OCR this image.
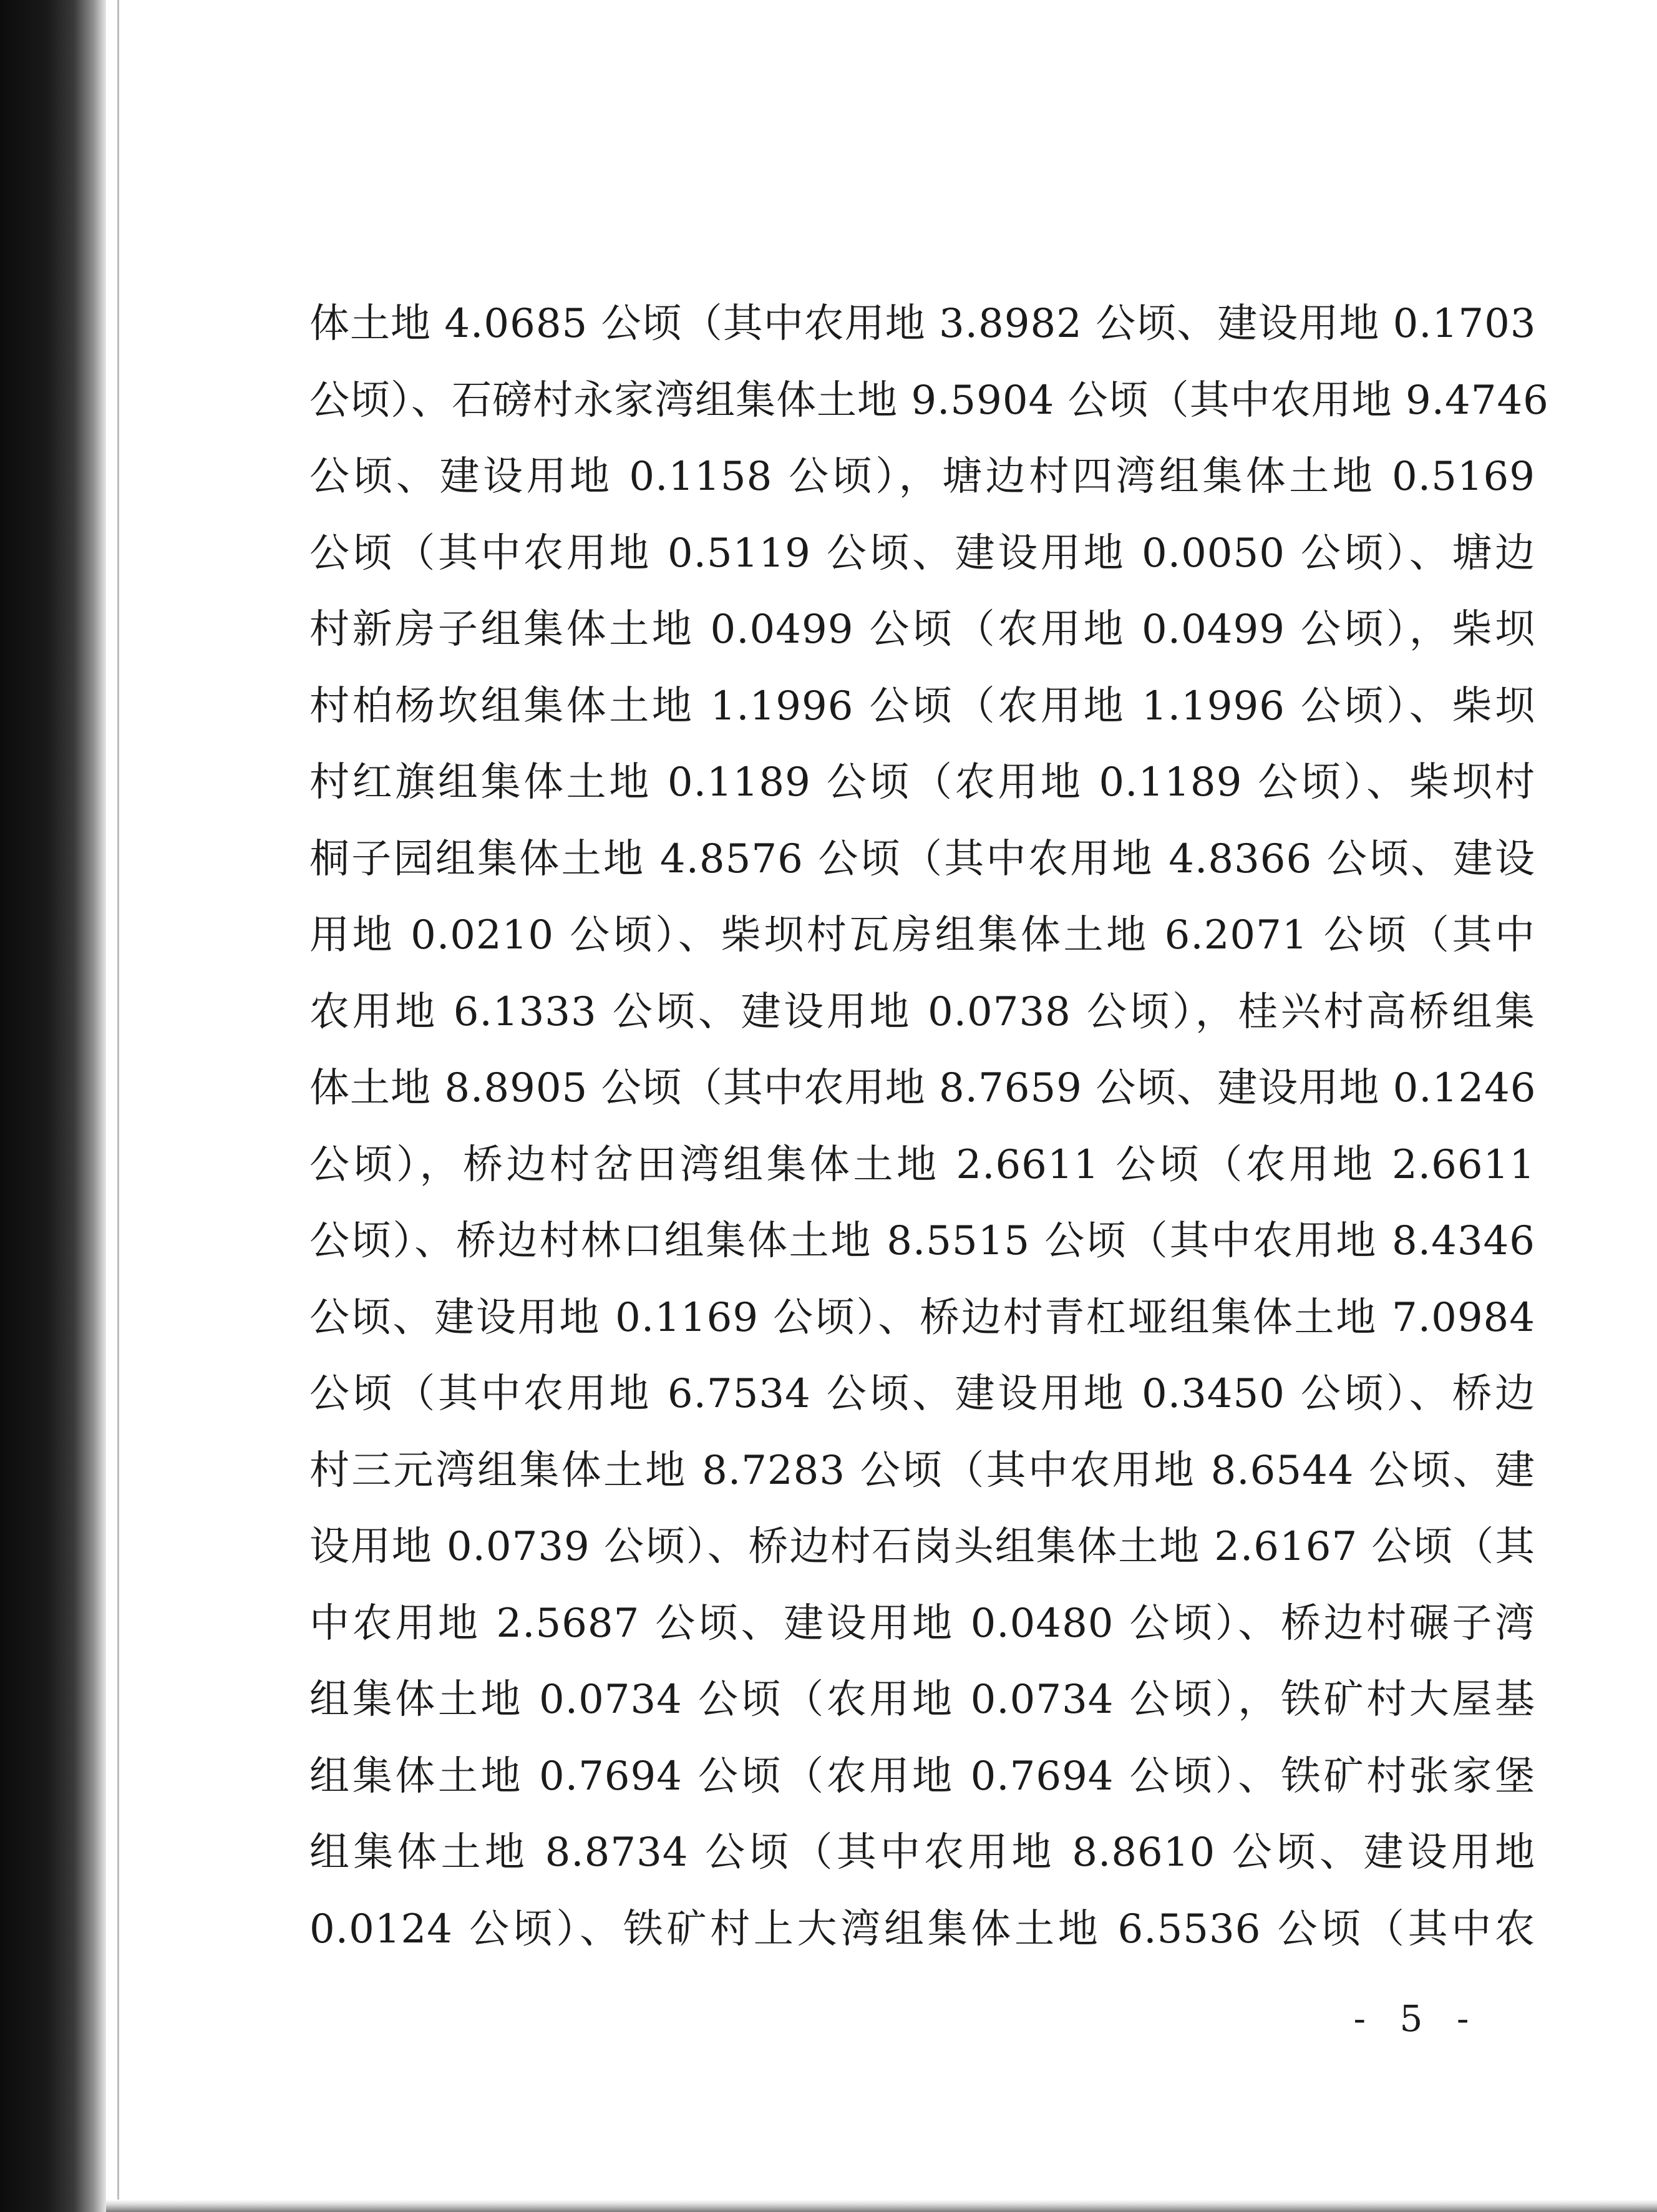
体土地 4.0685 公顷（其中农用地 3.8982 公顷、建设用地 0.1703
公顷）、石磅村永家湾组集体土地 9.5904 公顷（其中农用地 9.4746
公顷、建设用地 0.1158 公顷），塘边村四湾组集体土地 0.5169
公顷（其中农用地 0.5119 公顷、建设用地 0.0050 公顷）、塘边
村新房子组集体土地 0.0499 公顷（农用地 0.0499 公顷），柴坝
村柏杨坎组集体土地 1.1996 公顷（农用地 1.1996 公顷）、柴坝
村红旗组集体土地 0.1189 公顷（农用地 0.1189 公顷）、柴坝村
桐子园组集体土地 4.8576 公顷（其中农用地 4.8366 公顷、建设
用地 0.0210 公顷）、柴坝村瓦房组集体土地 6.2071 公顷（其中
农用地 6.1333 公顷、建设用地 0.0738 公顷），桂兴村高桥组集
体土地 8.8905 公顷（其中农用地 8.7659 公顷、建设用地 0.1246
公顷），桥边村岔田湾组集体土地 2.6611 公顷（农用地 2.6611
公顷）、桥边村林口组集体土地 8.5515 公顷（其中农用地 8.4346
公顷、建设用地 0.1169 公顷）、桥边村青杠垭组集体土地 7.0984
公顷（其中农用地 6.7534 公顷、建设用地 0.3450 公顷）、桥边
村三元湾组集体土地 8.7283 公顷（其中农用地 8.6544 公顷、建
设用地 0.0739 公顷）、桥边村石岗头组集体土地 2.6167 公顷（其
中农用地 2.5687 公顷、建设用地 0.0480 公顷）、桥边村碾子湾
组集体土地 0.0734 公顷（农用地 0.0734 公顷），铁矿村大屋基
组集体土地 0.7694 公顷（农用地 0.7694 公顷）、铁矿村张家堡
组集体土地 8.8734 公顷（其中农用地 8.8610 公顷、建设用地
0.0124 公顷）、铁矿村上大湾组集体土地 6.5536 公顷（其中农
- 5 -
